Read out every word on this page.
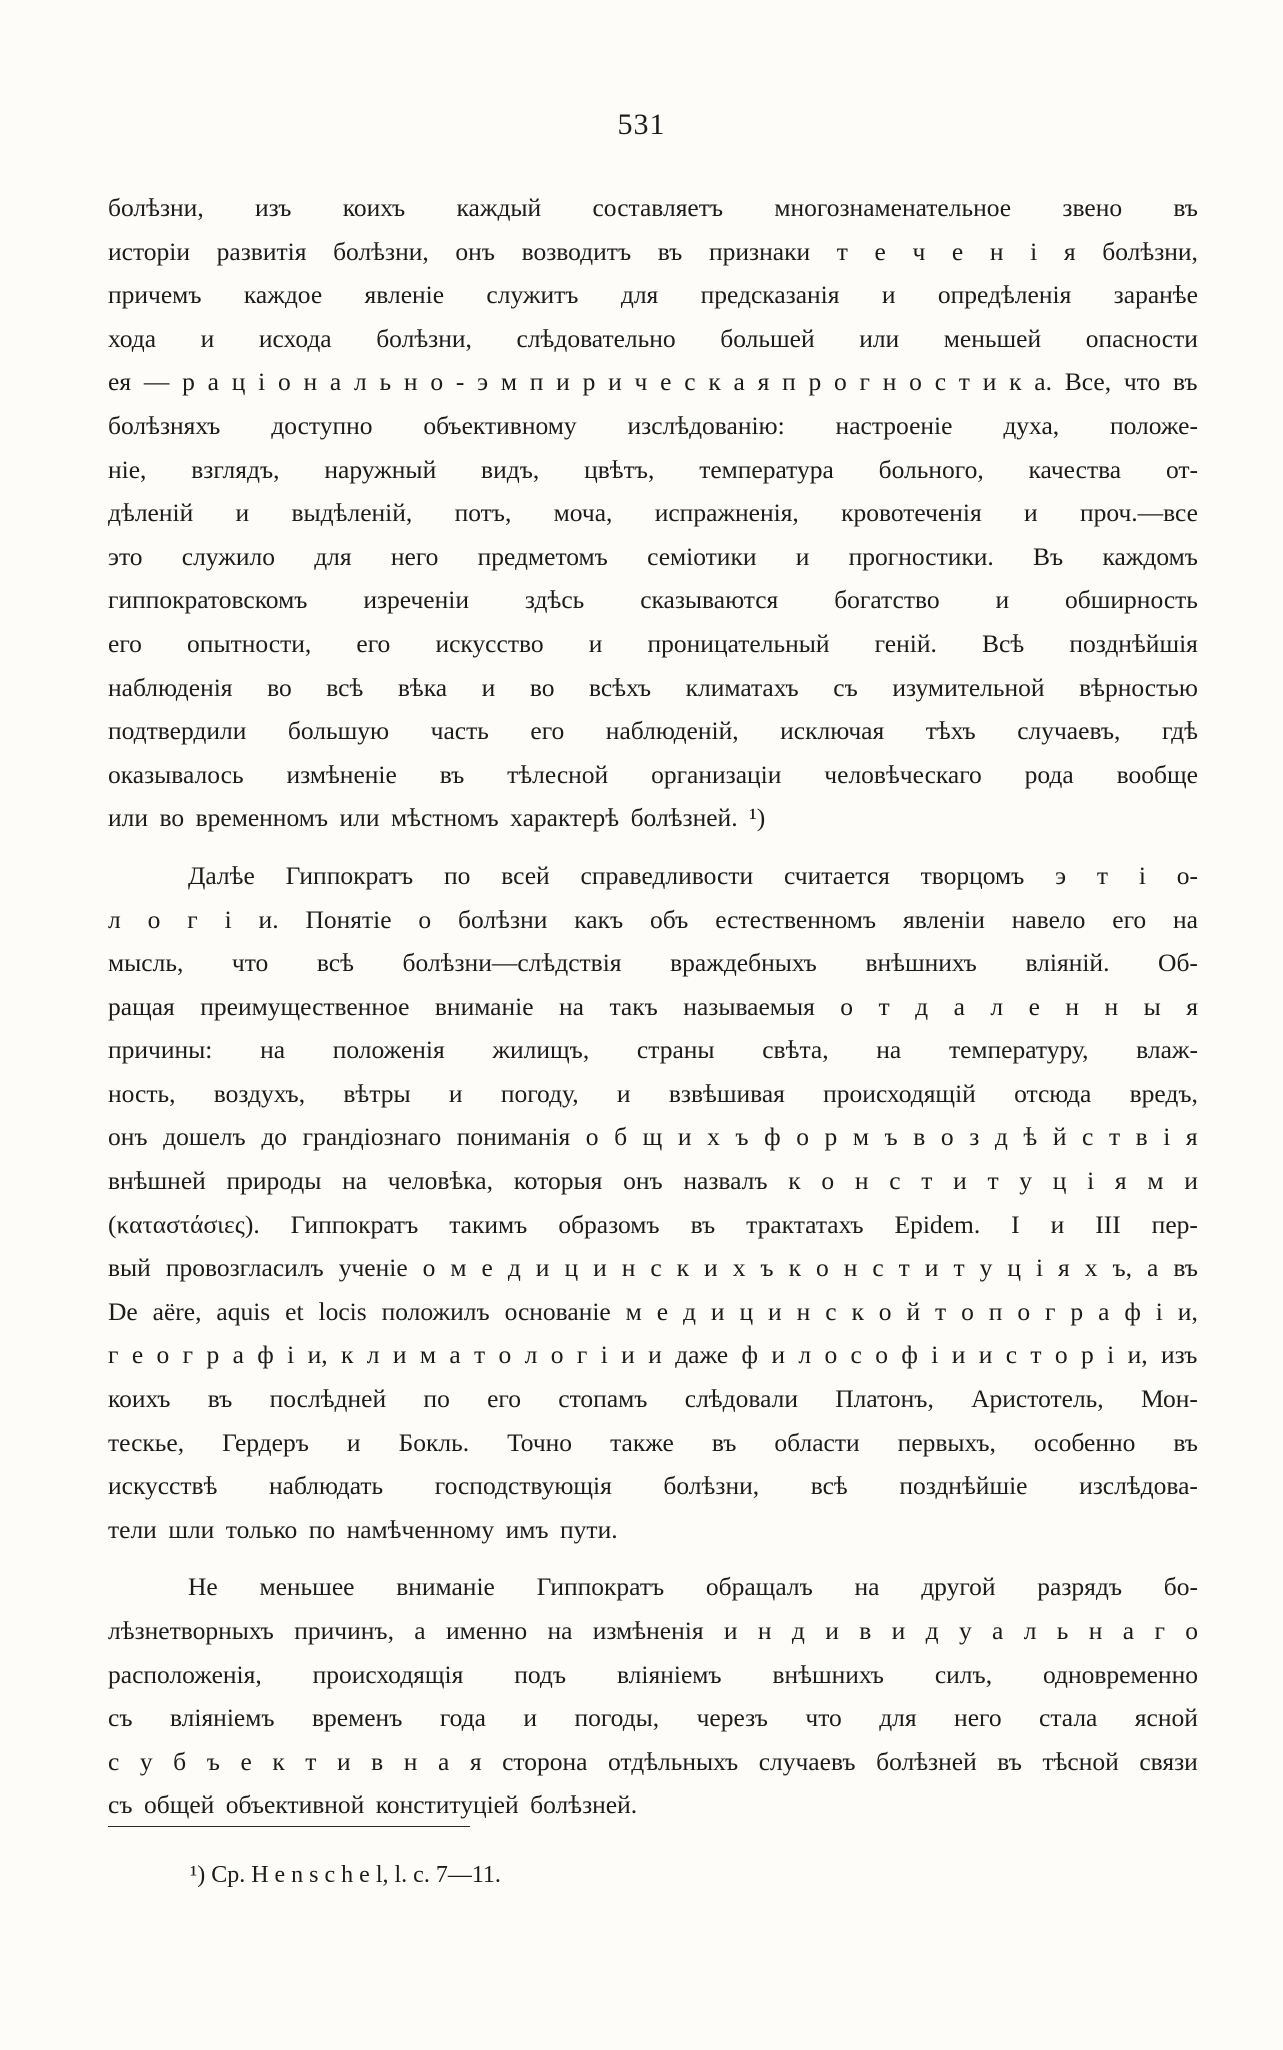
531
болѣзни, изъ коихъ каждый составляетъ многознаменательное звено въ
исторіи развитія болѣзни, онъ возводитъ въ признаки т е ч е н і я болѣзни,
причемъ каждое явленіе служитъ для предсказанія и опредѣленія заранѣе
хода и исхода болѣзни, слѣдовательно большей или меньшей опасности
ея — р а ц і о н а л ь н о - э м п и р и ч е с к а я п р о г н о с т и к а. Все, что въ
болѣзняхъ доступно объективному изслѣдованію: настроеніе духа, положе-
ніе, взглядъ, наружный видъ, цвѣтъ, температура больного, качества от-
дѣленій и выдѣленій, потъ, моча, испражненія, кровотеченія и проч.—все
это служило для него предметомъ семіотики и прогностики. Въ каждомъ
гиппократовскомъ изреченіи здѣсь сказываются богатство и обширность
его опытности, его искусство и проницательный геній. Всѣ позднѣйшія
наблюденія во всѣ вѣка и во всѣхъ климатахъ съ изумительной вѣрностью
подтвердили большую часть его наблюденій, исключая тѣхъ случаевъ, гдѣ
оказывалось измѣненіе въ тѣлесной организаціи человѣческаго рода вообще
или во временномъ или мѣстномъ характерѣ болѣзней. ¹)
Далѣе Гиппократъ по всей справедливости считается творцомъ э т і о-
л о г і и. Понятіе о болѣзни какъ объ естественномъ явленіи навело его на
мысль, что всѣ болѣзни—слѣдствія враждебныхъ внѣшнихъ вліяній. Об-
ращая преимущественное вниманіе на такъ называемыя о т д а л е н н ы я
причины: на положенія жилищъ, страны свѣта, на температуру, влаж-
ность, воздухъ, вѣтры и погоду, и взвѣшивая происходящій отсюда вредъ,
онъ дошелъ до грандіознаго пониманія о б щ и х ъ ф о р м ъ в о з д ѣ й с т в і я
внѣшней природы на человѣка, которыя онъ назвалъ к о н с т и т у ц і я м и
(καταστάσιες). Гиппократъ такимъ образомъ въ трактатахъ Epidem. I и III пер-
вый провозгласилъ ученіе о м е д и ц и н с к и х ъ к о н с т и т у ц і я х ъ, а въ
De aëre, aquis et locis положилъ основаніе м е д и ц и н с к о й т о п о г р а ф і и,
г е о г р а ф і и, к л и м а т о л о г і и и даже ф и л о с о ф і и и с т о р і и, изъ
коихъ въ послѣдней по его стопамъ слѣдовали Платонъ, Аристотель, Мон-
тескье, Гердеръ и Бокль. Точно также въ области первыхъ, особенно въ
искусствѣ наблюдать господствующія болѣзни, всѣ позднѣйшіе изслѣдова-
тели шли только по намѣченному имъ пути.
Не меньшее вниманіе Гиппократъ обращалъ на другой разрядъ бо-
лѣзнетворныхъ причинъ, а именно на измѣненія и н д и в и д у а л ь н а г о
расположенія, происходящія подъ вліяніемъ внѣшнихъ силъ, одновременно
съ вліяніемъ временъ года и погоды, черезъ что для него стала ясной
с у б ъ е к т и в н а я сторона отдѣльныхъ случаевъ болѣзней въ тѣсной связи
съ общей объективной конституціей болѣзней.
¹) Ср. H e n s c h e l, l. c. 7—11.
